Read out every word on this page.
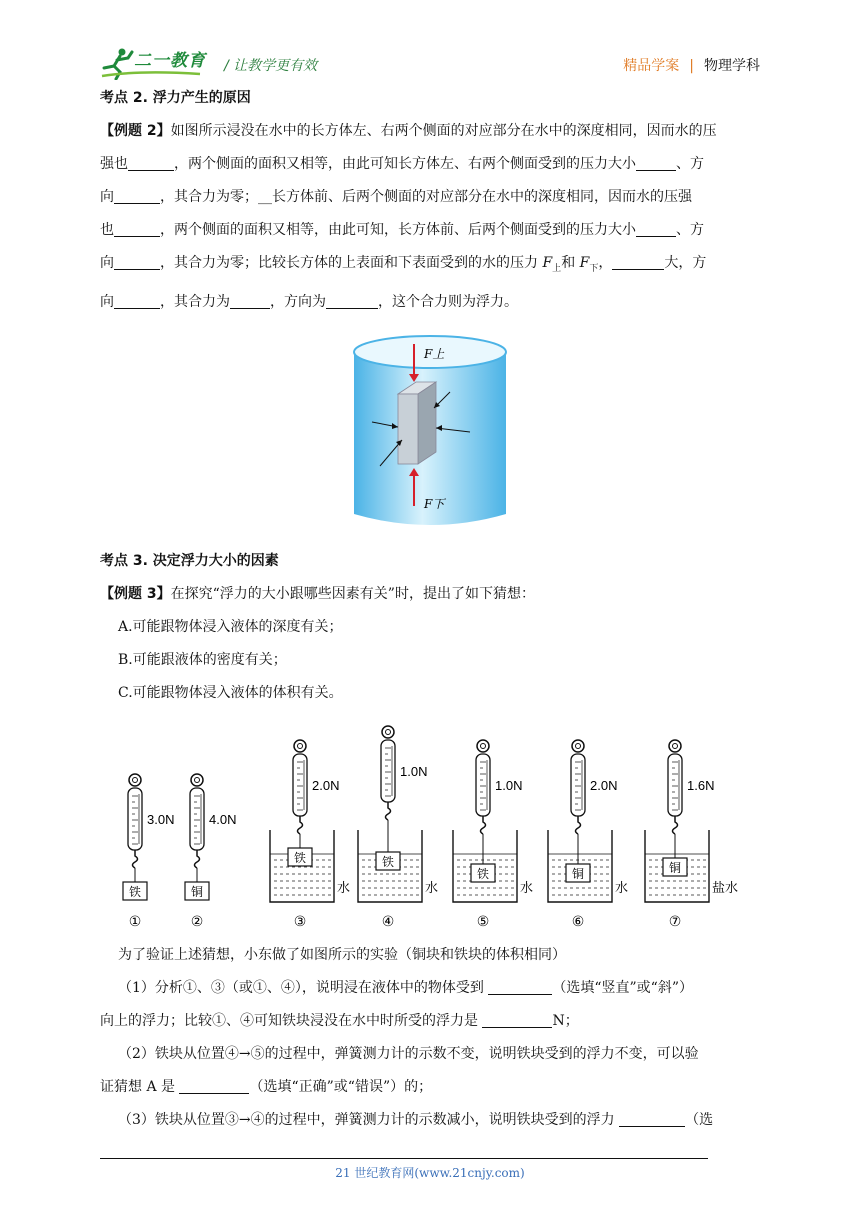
二一教育 / 让教学更有效	精品学案 | 物理学科
考点 2. 浮力产生的原因
【例题 2】如图所示浸没在水中的长方体左、右两个侧面的对应部分在水中的深度相同，因而水的压
强也	，两个侧面的面积又相等，由此可知长方体左、右两个侧面受到的压力大小	、方
向	，其合力为零；__长方体前、后两个侧面的对应部分在水中的深度相同，因而水的压强
也	，两个侧面的面积又相等，由此可知，长方体前、后两个侧面受到的压力大小	、方
向	，其合力为零；比较长方体的上表面和下表面受到的水的压力 $F_上$和 $F_下$，	大，方
向	，其合力为	，方向为	，这个合力则为浮力。
F上
F下
考点 3. 决定浮力大小的因素
【例题 3】在探究“浮力的大小跟哪些因素有关”时，提出了如下猜想：
A.可能跟物体浸入液体的深度有关；
B.可能跟液体的密度有关；
C.可能跟物体浸入液体的体积有关。
3.0N
铁
①
4.0N
铜
②
2.0N
水
铁
③
1.0N
水
铁
④
1.0N
水
铁
⑤
2.0N
水
铜
⑥
1.6N
盐水
铜
⑦
为了验证上述猜想，小东做了如图所示的实验（铜块和铁块的体积相同）
（1）分析①、③（或①、④），说明浸在液体中的物体受到	（选填“竖直”或“斜”）
向上的浮力；比较①、④可知铁块浸没在水中时所受的浮力是	N；
（2）铁块从位置④→⑤的过程中，弹簧测力计的示数不变，说明铁块受到的浮力不变，可以验
证猜想 A 是	（选填“正确”或“错误”）的；
（3）铁块从位置③→④的过程中，弹簧测力计的示数减小，说明铁块受到的浮力	（选
21 世纪教育网(www.21cnjy.com)
